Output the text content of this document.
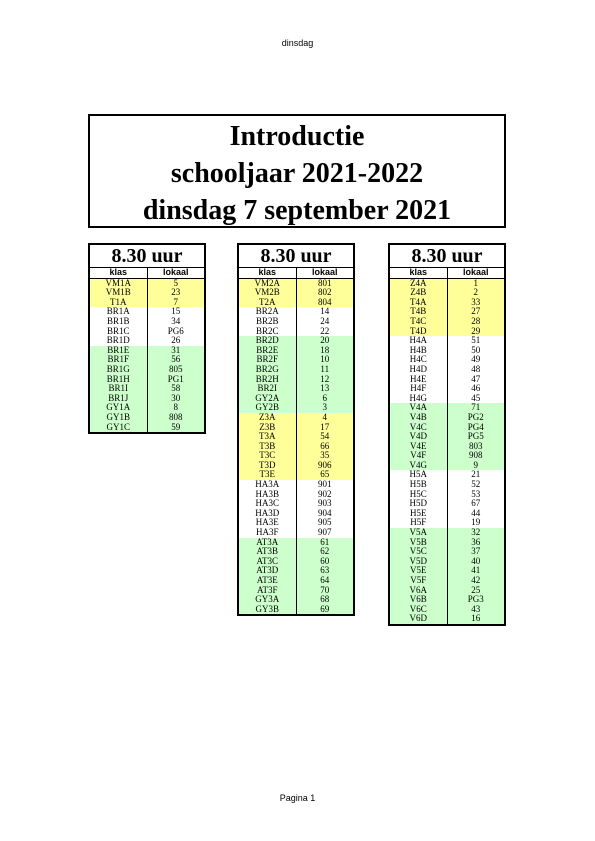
dinsdag
Introductie
schooljaar 2021-2022
dinsdag 7 september 2021
8.30 uur
klas	lokaal
VM1A	5
VM1B	23
T1A	7
BR1A	15
BR1B	34
BR1C	PG6
BR1D	26
BR1E	31
BR1F	56
BR1G	805
BR1H	PG1
BR1I	58
BR1J	30
GY1A	8
GY1B	808
GY1C	59
8.30 uur
klas	lokaal
VM2A	801
VM2B	802
T2A	804
BR2A	14
BR2B	24
BR2C	22
BR2D	20
BR2E	18
BR2F	10
BR2G	11
BR2H	12
BR2I	13
GY2A	6
GY2B	3
Z3A	4
Z3B	17
T3A	54
T3B	66
T3C	35
T3D	906
T3E	65
HA3A	901
HA3B	902
HA3C	903
HA3D	904
HA3E	905
HA3F	907
AT3A	61
AT3B	62
AT3C	60
AT3D	63
AT3E	64
AT3F	70
GY3A	68
GY3B	69
8.30 uur
klas	lokaal
Z4A	1
Z4B	2
T4A	33
T4B	27
T4C	28
T4D	29
H4A	51
H4B	50
H4C	49
H4D	48
H4E	47
H4F	46
H4G	45
V4A	71
V4B	PG2
V4C	PG4
V4D	PG5
V4E	803
V4F	908
V4G	9
H5A	21
H5B	52
H5C	53
H5D	67
H5E	44
H5F	19
V5A	32
V5B	36
V5C	37
V5D	40
V5E	41
V5F	42
V6A	25
V6B	PG3
V6C	43
V6D	16
Pagina 1
